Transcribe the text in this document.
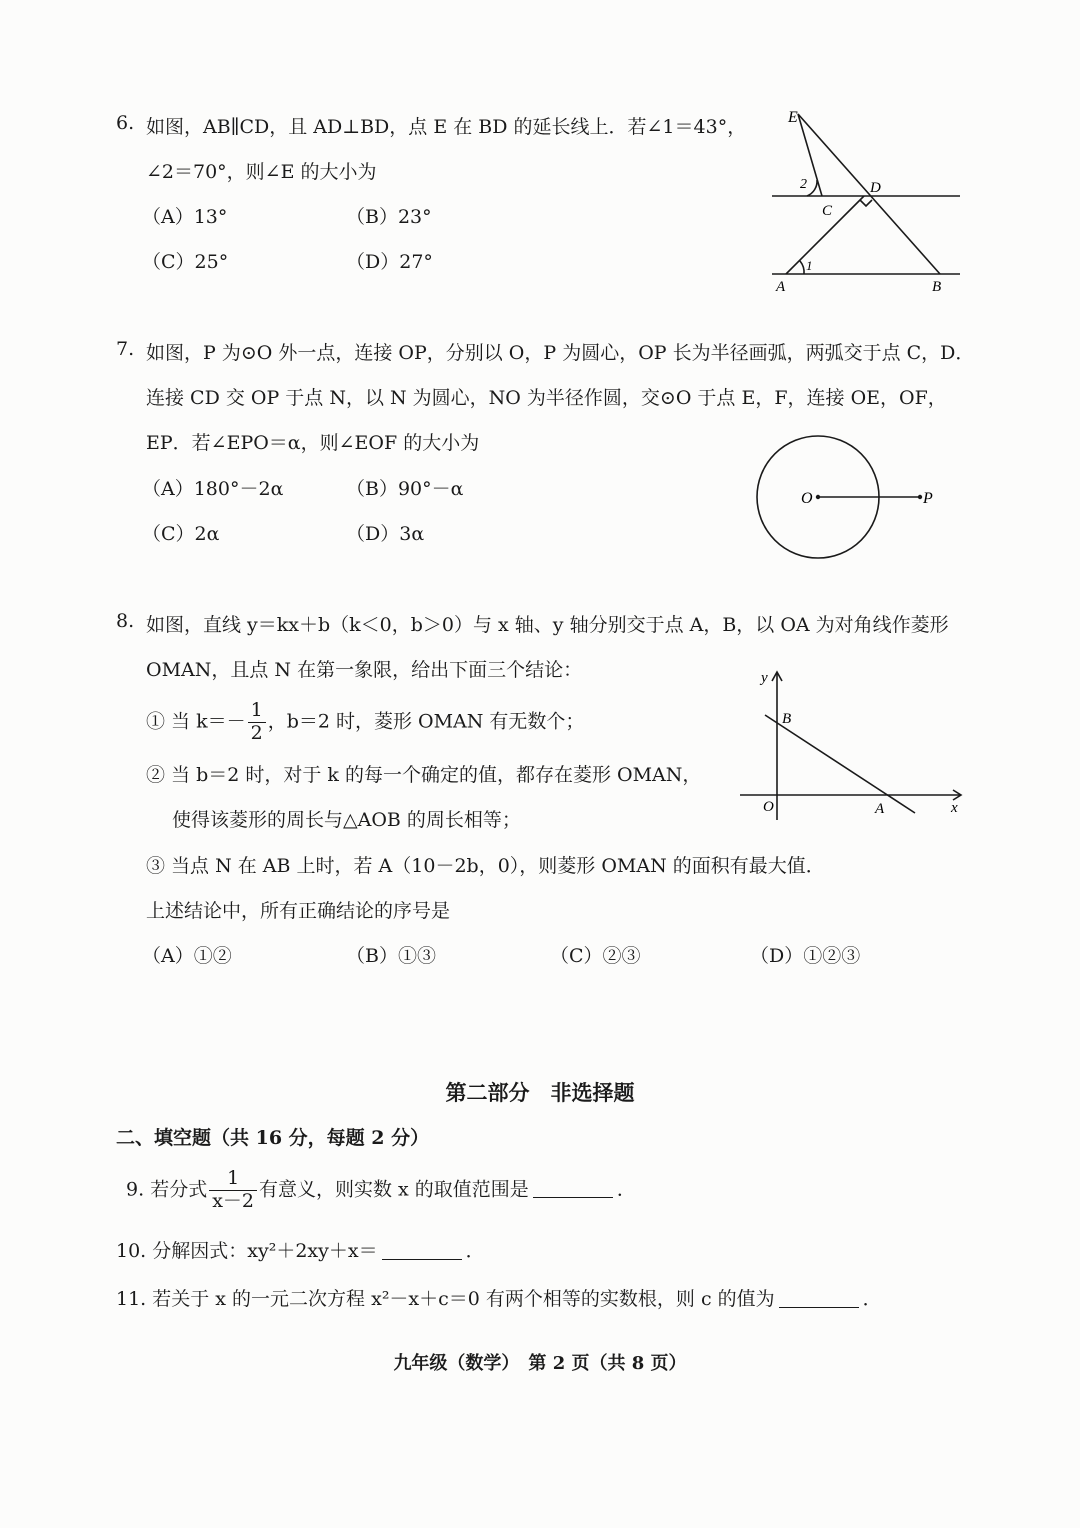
6. 如图，AB∥CD，且 AD⊥BD，点 E 在 BD 的延长线上．若∠1＝43°，
∠2＝70°，则∠E 的大小为
（A）13°	（B）23°
（C）25°	（D）27°
E
D
C
A	B
1
2
7. 如图，P 为⊙O 外一点，连接 OP，分别以 O，P 为圆心，OP 长为半径画弧，两弧交于点 C，D．
连接 CD 交 OP 于点 N，以 N 为圆心，NO 为半径作圆，交⊙O 于点 E，F，连接 OE，OF，
EP．若∠EPO＝α，则∠EOF 的大小为
（A）180°－2α	（B）90°－α
（C）2α	（D）3α
O	P
8. 如图，直线 y＝kx＋b（k＜0，b＞0）与 x 轴、y 轴分别交于点 A，B，以 OA 为对角线作菱形
OMAN，且点 N 在第一象限，给出下面三个结论：
① 当 $k=- \frac{1}{2}$ ，b＝2 时，菱形 OMAN 有无数个；
② 当 b＝2 时，对于 k 的每一个确定的值，都存在菱形 OMAN，
使得该菱形的周长与△AOB 的周长相等；
③ 当点 N 在 AB 上时，若 A（10－2b，0），则菱形 OMAN 的面积有最大值．
上述结论中，所有正确结论的序号是
（A）①②	（B）①③	（C）②③	（D）①②③
y
x
O	A
B
第二部分　非选择题
二、填空题（共 16 分，每题 2 分）
9. 若分式 $\frac{1}{x-2}$ 有意义，则实数 x 的取值范围是	．
10. 分解因式：xy²＋2xy＋x＝	．
11. 若关于 x 的一元二次方程 x²－x＋c＝0 有两个相等的实数根，则 c 的值为	．
九年级（数学）　第 2 页（共 8 页）
